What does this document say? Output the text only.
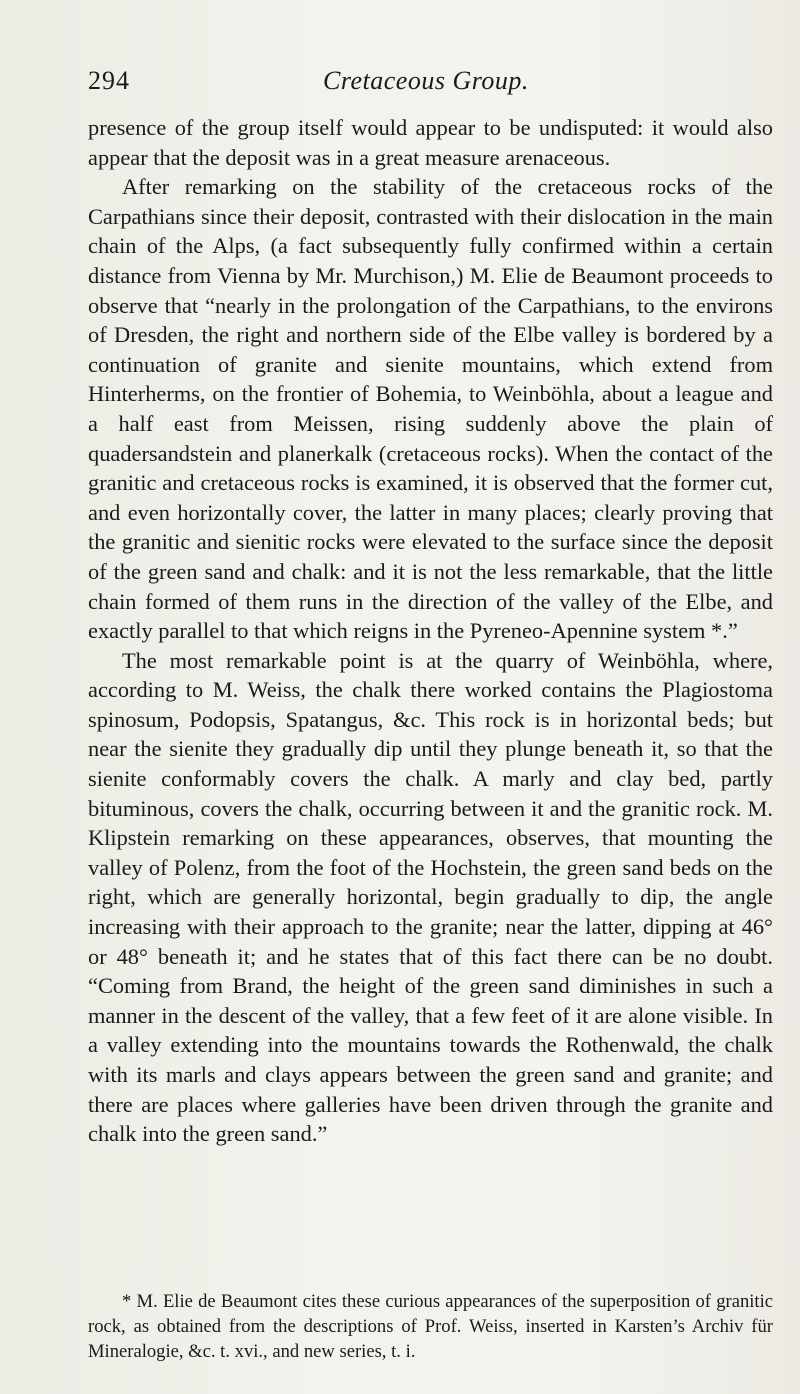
294	Cretaceous Group.

presence of the group itself would appear to be undisputed: it would also appear that the deposit was in a great measure arenaceous.

After remarking on the stability of the cretaceous rocks of the Carpathians since their deposit, contrasted with their dislocation in the main chain of the Alps, (a fact subsequently fully confirmed within a certain distance from Vienna by Mr. Murchison,) M. Elie de Beaumont proceeds to observe that “nearly in the prolongation of the Carpathians, to the environs of Dresden, the right and northern side of the Elbe valley is bordered by a continuation of granite and sienite mountains, which extend from Hinterherms, on the frontier of Bohemia, to Weinböhla, about a league and a half east from Meissen, rising suddenly above the plain of quadersandstein and planerkalk (cretaceous rocks). When the contact of the granitic and cretaceous rocks is examined, it is observed that the former cut, and even horizontally cover, the latter in many places; clearly proving that the granitic and sienitic rocks were elevated to the surface since the deposit of the green sand and chalk: and it is not the less remarkable, that the little chain formed of them runs in the direction of the valley of the Elbe, and exactly parallel to that which reigns in the Pyreneo-Apennine system *.”

The most remarkable point is at the quarry of Weinböhla, where, according to M. Weiss, the chalk there worked contains the Plagiostoma spinosum, Podopsis, Spatangus, &c. This rock is in horizontal beds; but near the sienite they gradually dip until they plunge beneath it, so that the sienite conformably covers the chalk. A marly and clay bed, partly bituminous, covers the chalk, occurring between it and the granitic rock. M. Klipstein remarking on these appearances, observes, that mounting the valley of Polenz, from the foot of the Hochstein, the green sand beds on the right, which are generally horizontal, begin gradually to dip, the angle increasing with their approach to the granite; near the latter, dipping at 46° or 48° beneath it; and he states that of this fact there can be no doubt. “Coming from Brand, the height of the green sand diminishes in such a manner in the descent of the valley, that a few feet of it are alone visible. In a valley extending into the mountains towards the Rothenwald, the chalk with its marls and clays appears between the green sand and granite; and there are places where galleries have been driven through the granite and chalk into the green sand.”

* M. Elie de Beaumont cites these curious appearances of the superposition of granitic rock, as obtained from the descriptions of Prof. Weiss, inserted in Karsten’s Archiv für Mineralogie, &c. t. xvi., and new series, t. i.
